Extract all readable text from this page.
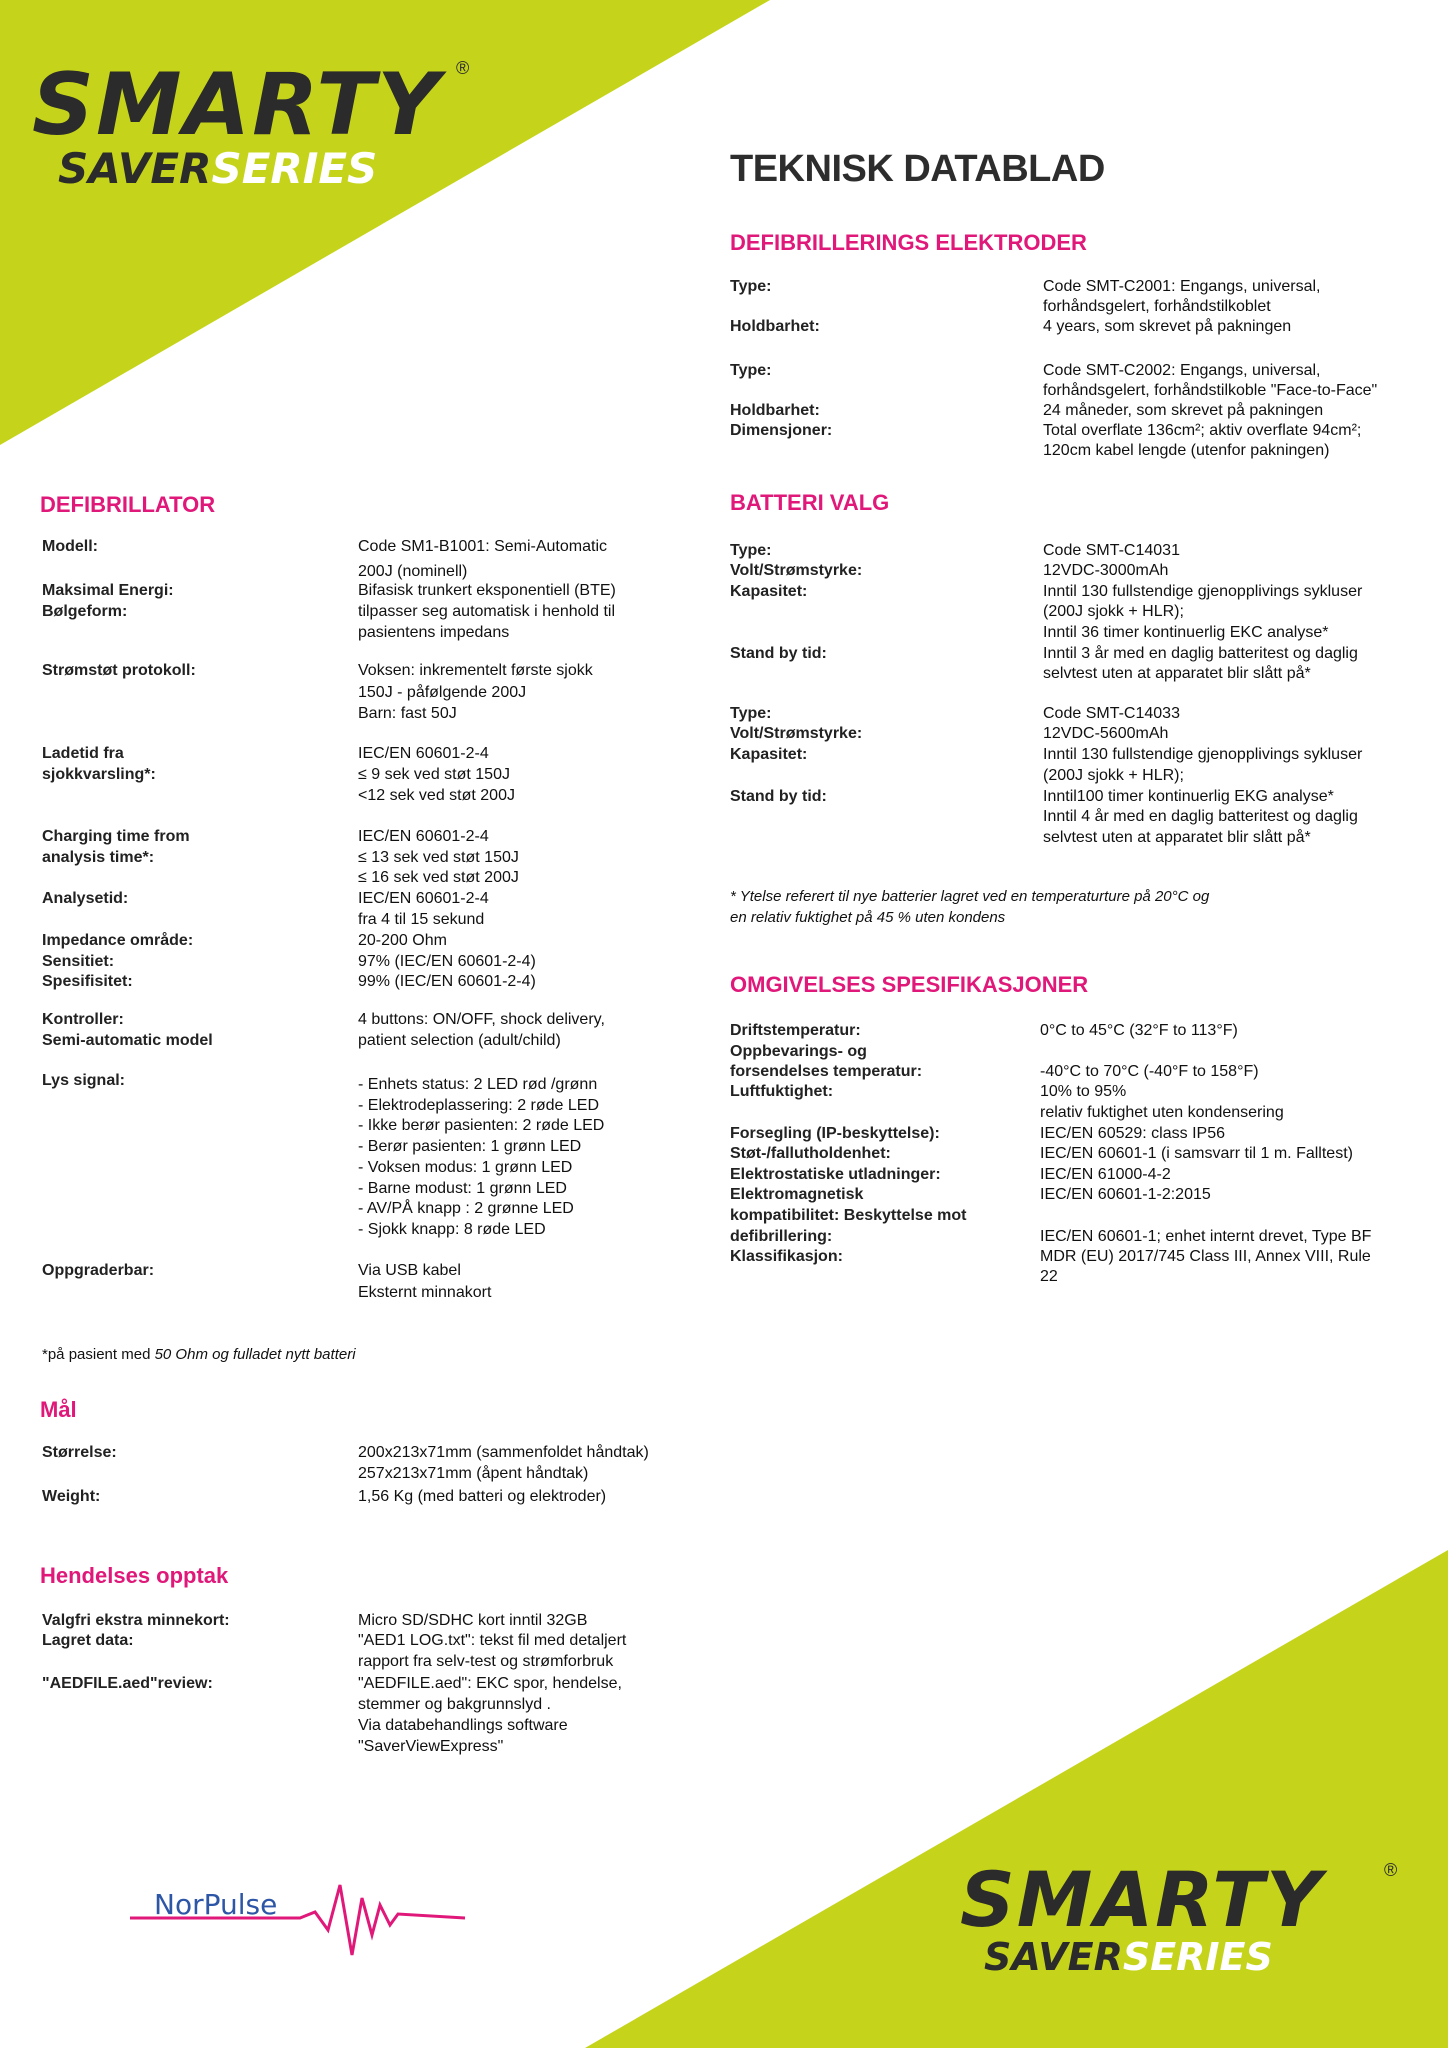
SMARTY
SAVERSERIES
®
SMARTY
SAVERSERIES
®
TEKNISK DATABLAD
DEFIBRILLERINGS ELEKTRODER
BATTERI VALG
OMGIVELSES SPESIFIKASJONER
DEFIBRILLATOR
Mål
Hendelses opptak
* Ytelse referert til nye batterier lagret ved en temperaturture på 20°C og
en relativ fuktighet på 45 % uten kondens
*på pasient med 50 Ohm og fulladet nytt batteri
NorPulse
Type:	Code SMT-C2001: Engangs, universal,
forhåndsgelert, forhåndstilkoblet
Holdbarhet:	4 years, som skrevet på pakningen
Type:	Code SMT-C2002: Engangs, universal,
forhåndsgelert, forhåndstilkoble "Face-to-Face"
Holdbarhet:	24 måneder, som skrevet på pakningen
Dimensjoner:	Total overflate 136cm²; aktiv overflate 94cm²;
120cm kabel lengde (utenfor pakningen)
Type:	Code SMT-C14031
Volt/Strømstyrke:	12VDC-3000mAh
Kapasitet:	Inntil 130 fullstendige gjenopplivings sykluser
(200J sjokk + HLR);
Inntil 36 timer kontinuerlig EKC analyse*
Stand by tid:	Inntil 3 år med en daglig batteritest og daglig
selvtest uten at apparatet blir slått på*
Type:	Code SMT-C14033
Volt/Strømstyrke:	12VDC-5600mAh
Kapasitet:	Inntil 130 fullstendige gjenopplivings sykluser
(200J sjokk + HLR);
Stand by tid:	Inntil100 timer kontinuerlig EKG analyse*
Inntil 4 år med en daglig batteritest og daglig
selvtest uten at apparatet blir slått på*
Driftstemperatur:	0°C to 45°C (32°F to 113°F)
Oppbevarings- og
forsendelses temperatur:	-40°C to 70°C (-40°F to 158°F)
Luftfuktighet:	10% to 95%
relativ fuktighet uten kondensering
Forsegling (IP-beskyttelse):	IEC/EN 60529: class IP56
Støt-/fallutholdenhet:	IEC/EN 60601-1 (i samsvarr til 1 m. Falltest)
Elektrostatiske utladninger:	IEC/EN 61000-4-2
Elektromagnetisk	IEC/EN 60601-1-2:2015
kompatibilitet: Beskyttelse mot
defibrillering:	IEC/EN 60601-1; enhet internt drevet, Type BF
Klassifikasjon:	MDR (EU) 2017/745 Class III, Annex VIII, Rule
22
Modell:	Code SM1-B1001: Semi-Automatic
200J (nominell)
Maksimal Energi:	Bifasisk trunkert eksponentiell (BTE)
Bølgeform:	tilpasser seg automatisk i henhold til
pasientens impedans
Strømstøt protokoll:	Voksen: inkrementelt første sjokk
150J - påfølgende 200J
Barn: fast 50J
Ladetid fra	IEC/EN 60601-2-4
sjokkvarsling*:	≤ 9 sek ved støt 150J
<12 sek ved støt 200J
Charging time from	IEC/EN 60601-2-4
analysis time*:	≤ 13 sek ved støt 150J
≤ 16 sek ved støt 200J
Analysetid:	IEC/EN 60601-2-4
fra 4 til 15 sekund
Impedance område:	20-200 Ohm
Sensitiet:	97% (IEC/EN 60601-2-4)
Spesifisitet:	99% (IEC/EN 60601-2-4)
Kontroller:	4 buttons: ON/OFF, shock delivery,
Semi-automatic model	patient selection (adult/child)
Lys signal:	- Enhets status: 2 LED rød /grønn
- Elektrodeplassering: 2 røde LED
- Ikke berør pasienten: 2 røde LED
- Berør pasienten: 1 grønn LED
- Voksen modus: 1 grønn LED
- Barne modust: 1 grønn LED
- AV/PÅ knapp : 2 grønne LED
- Sjokk knapp: 8 røde LED
Oppgraderbar:	Via USB kabel
Eksternt minnakort
Størrelse:	200x213x71mm (sammenfoldet håndtak)
257x213x71mm (åpent håndtak)
Weight:	1,56 Kg (med batteri og elektroder)
Valgfri ekstra minnekort:	Micro SD/SDHC kort inntil 32GB
Lagret data:	"AED1 LOG.txt": tekst fil med detaljert
rapport fra selv-test og strømforbruk
"AEDFILE.aed"review:	"AEDFILE.aed": EKC spor, hendelse,
stemmer og bakgrunnslyd .
Via databehandlings software
"SaverViewExpress"
